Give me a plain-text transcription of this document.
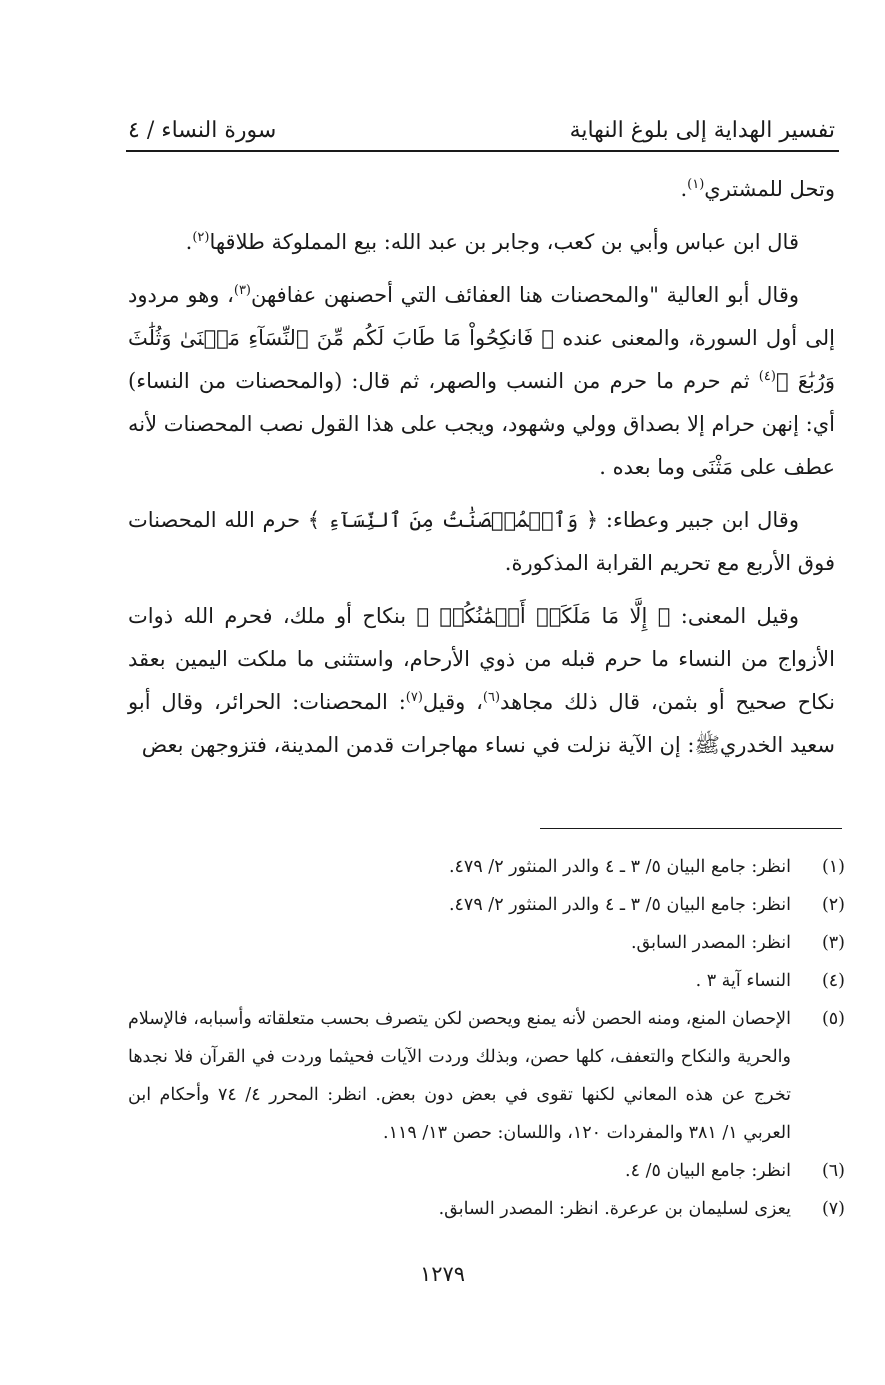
تفسير الهداية إلى بلوغ النهاية
سورة النساء / ٤

وتحل للمشتري$^{(١)}$.

قال ابن عباس وأبي بن كعب، وجابر بن عبد الله: بيع المملوكة طلاقها$^{(٢)}$.

وقال أبو العالية "والمحصنات هنا العفائف التي أحصنهن عفافهن$^{(٣)}$، وهو مردود إلى أول السورة، والمعنى عنده ﴿ فَانكِحُواْ مَا طَابَ لَكُم مِّنَ ٱلنِّسَآءِ مَثۡنَىٰ وَثُلَٰثَ وَرُبَٰعَ ﴾$^{(٤)}$ ثم حرم ما حرم من النسب والصهر، ثم قال: (والمحصنات من النساء) أي: إنهن حرام إلا بصداق وولي وشهود، ويجب على هذا القول نصب المحصنات لأنه عطف على مَثْنَى وما بعده .

وقال ابن جبير وعطاء: ﴿ وَٱلۡمُحۡصَنَٰتُ مِنَ ٱلنِّسَآءِ ﴾ حرم الله المحصنات فوق الأربع مع تحريم القرابة المذكورة.

وقيل المعنى: ﴿ إِلَّا مَا مَلَكَتۡ أَيۡمَٰنُكُمۡ ﴾ بنكاح أو ملك، فحرم الله ذوات الأزواج من النساء ما حرم قبله من ذوي الأرحام، واستثنى ما ملكت اليمين بعقد نكاح صحيح أو بثمن، قال ذلك مجاهد$^{(٦)}$، وقيل$^{(٧)}$: المحصنات: الحرائر، وقال أبو سعيد الخدريﷺ: إن الآية نزلت في نساء مهاجرات قدمن المدينة، فتزوجهن بعض

(١)
انظر: جامع البيان ٥/ ٣ ـ ٤ والدر المنثور ٢/ ٤٧٩.
(٢)
انظر: جامع البيان ٥/ ٣ ـ ٤ والدر المنثور ٢/ ٤٧٩.
(٣)
انظر: المصدر السابق.
(٤)
النساء آية ٣ .
(٥)
الإحصان المنع، ومنه الحصن لأنه يمنع ويحصن لكن يتصرف بحسب متعلقاته وأسبابه، فالإسلام والحرية والنكاح والتعفف، كلها حصن، وبذلك وردت الآيات فحيثما وردت في القرآن فلا نجدها تخرج عن هذه المعاني لكنها تقوى في بعض دون بعض. انظر: المحرر ٤/ ٧٤ وأحكام ابن العربي ١/ ٣٨١ والمفردات ١٢٠، واللسان: حصن ١٣/ ١١٩.
(٦)
انظر: جامع البيان ٥/ ٤.
(٧)
يعزى لسليمان بن عرعرة. انظر: المصدر السابق.
١٢٧٩
